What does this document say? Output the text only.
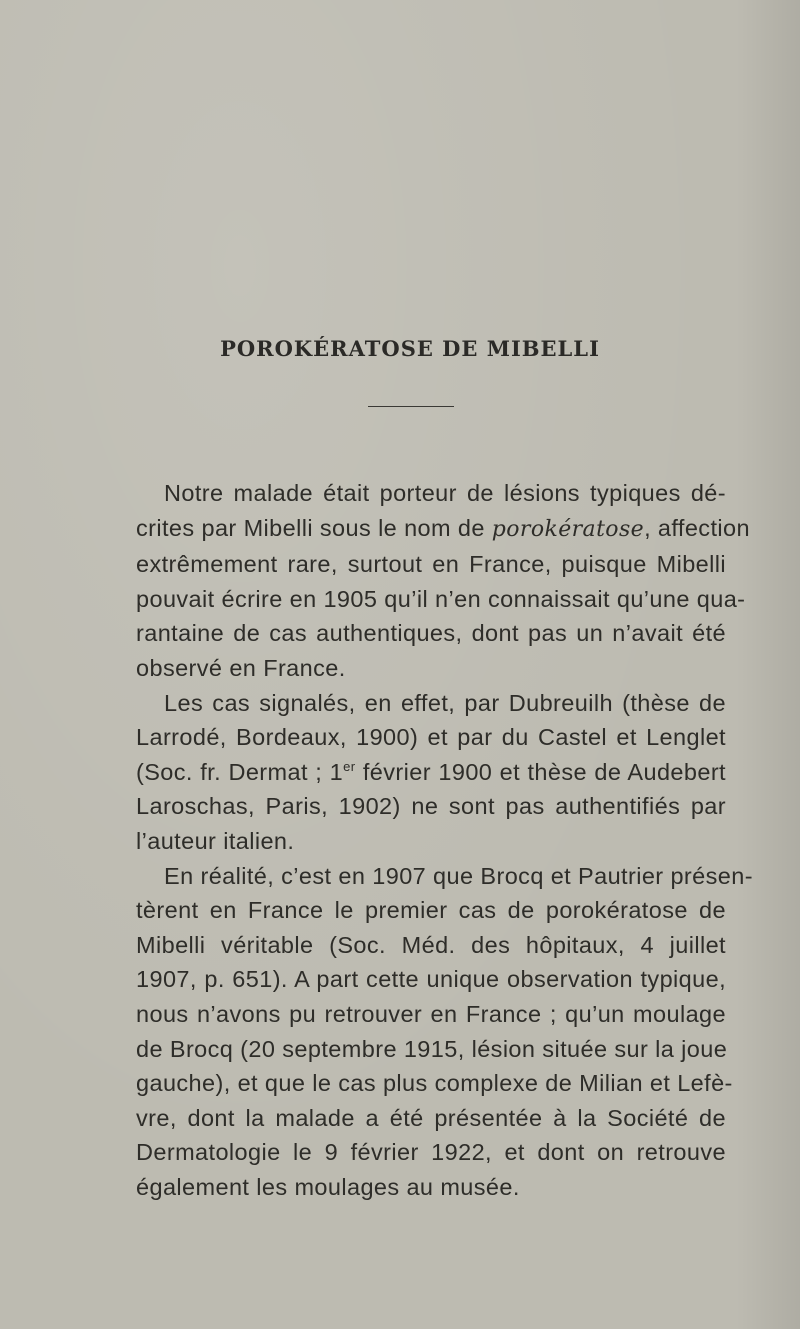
POROKÉRATOSE DE MIBELLI
Notre malade était porteur de lésions typiques dé-
crites par Mibelli sous le nom de porokératose, affection
extrêmement rare, surtout en France, puisque Mibelli
pouvait écrire en 1905 qu’il n’en connaissait qu’une qua-
rantaine de cas authentiques, dont pas un n’avait été
observé en France.
Les cas signalés, en effet, par Dubreuilh (thèse de
Larrodé, Bordeaux, 1900) et par du Castel et Lenglet
(Soc. fr. Dermat ; 1er février 1900 et thèse de Audebert
Laroschas, Paris, 1902) ne sont pas authentifiés par
l’auteur italien.
En réalité, c’est en 1907 que Brocq et Pautrier présen-
tèrent en France le premier cas de porokératose de
Mibelli véritable (Soc. Méd. des hôpitaux, 4 juillet
1907, p. 651). A part cette unique observation typique,
nous n’avons pu retrouver en France ; qu’un moulage
de Brocq (20 septembre 1915, lésion située sur la joue
gauche), et que le cas plus complexe de Milian et Lefè-
vre, dont la malade a été présentée à la Société de
Dermatologie le 9 février 1922, et dont on retrouve
également les moulages au musée.
